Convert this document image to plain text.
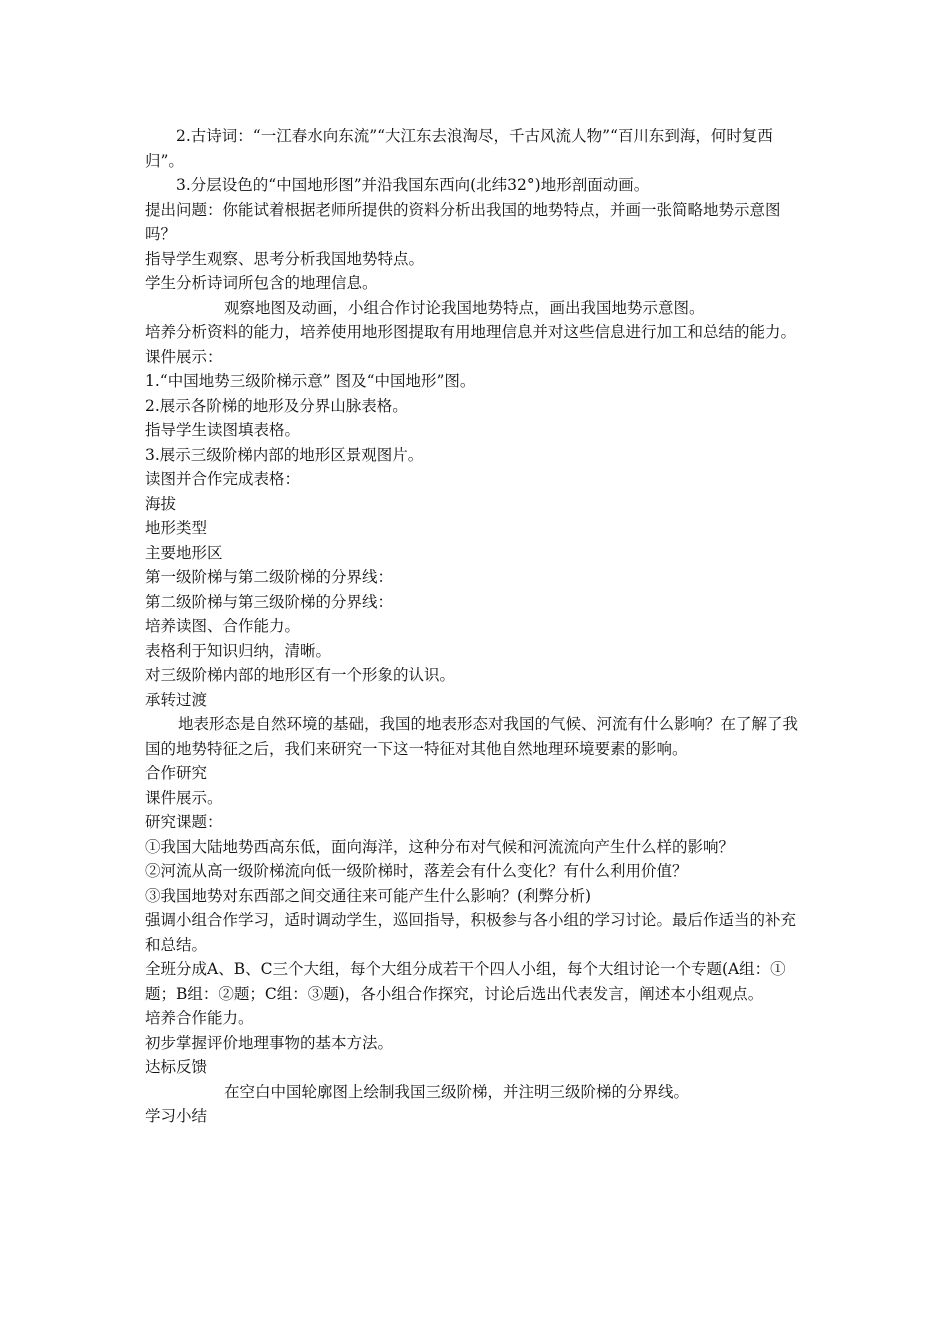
2.古诗词：“一江春水向东流”“大江东去浪淘尽，千古风流人物”“百川东到海，何时复西归”。

3.分层设色的“中国地形图”并沿我国东西向(北纬32°)地形剖面动画。

提出问题：你能试着根据老师所提供的资料分析出我国的地势特点，并画一张简略地势示意图吗？

指导学生观察、思考分析我国地势特点。

学生分析诗词所包含的地理信息。

观察地图及动画，小组合作讨论我国地势特点，画出我国地势示意图。

培养分析资料的能力，培养使用地形图提取有用地理信息并对这些信息进行加工和总结的能力。

课件展示：

1.“中国地势三级阶梯示意” 图及“中国地形”图。

2.展示各阶梯的地形及分界山脉表格。

指导学生读图填表格。

3.展示三级阶梯内部的地形区景观图片。

读图并合作完成表格：

海拔

地形类型

主要地形区

第一级阶梯与第二级阶梯的分界线：

第二级阶梯与第三级阶梯的分界线：

培养读图、合作能力。

表格利于知识归纳，清晰。

对三级阶梯内部的地形区有一个形象的认识。

承转过渡

地表形态是自然环境的基础，我国的地表形态对我国的气候、河流有什么影响？在了解了我国的地势特征之后，我们来研究一下这一特征对其他自然地理环境要素的影响。

合作研究

课件展示。

研究课题：

①我国大陆地势西高东低，面向海洋，这种分布对气候和河流流向产生什么样的影响？

②河流从高一级阶梯流向低一级阶梯时，落差会有什么变化？有什么利用价值？

③我国地势对东西部之间交通往来可能产生什么影响？(利弊分析)

强调小组合作学习，适时调动学生，巡回指导，积极参与各小组的学习讨论。最后作适当的补充和总结。

全班分成A、B、C三个大组，每个大组分成若干个四人小组，每个大组讨论一个专题(A组：①题；B组：②题；C组：③题)，各小组合作探究，讨论后选出代表发言，阐述本小组观点。

培养合作能力。

初步掌握评价地理事物的基本方法。

达标反馈

在空白中国轮廓图上绘制我国三级阶梯，并注明三级阶梯的分界线。

学习小结
